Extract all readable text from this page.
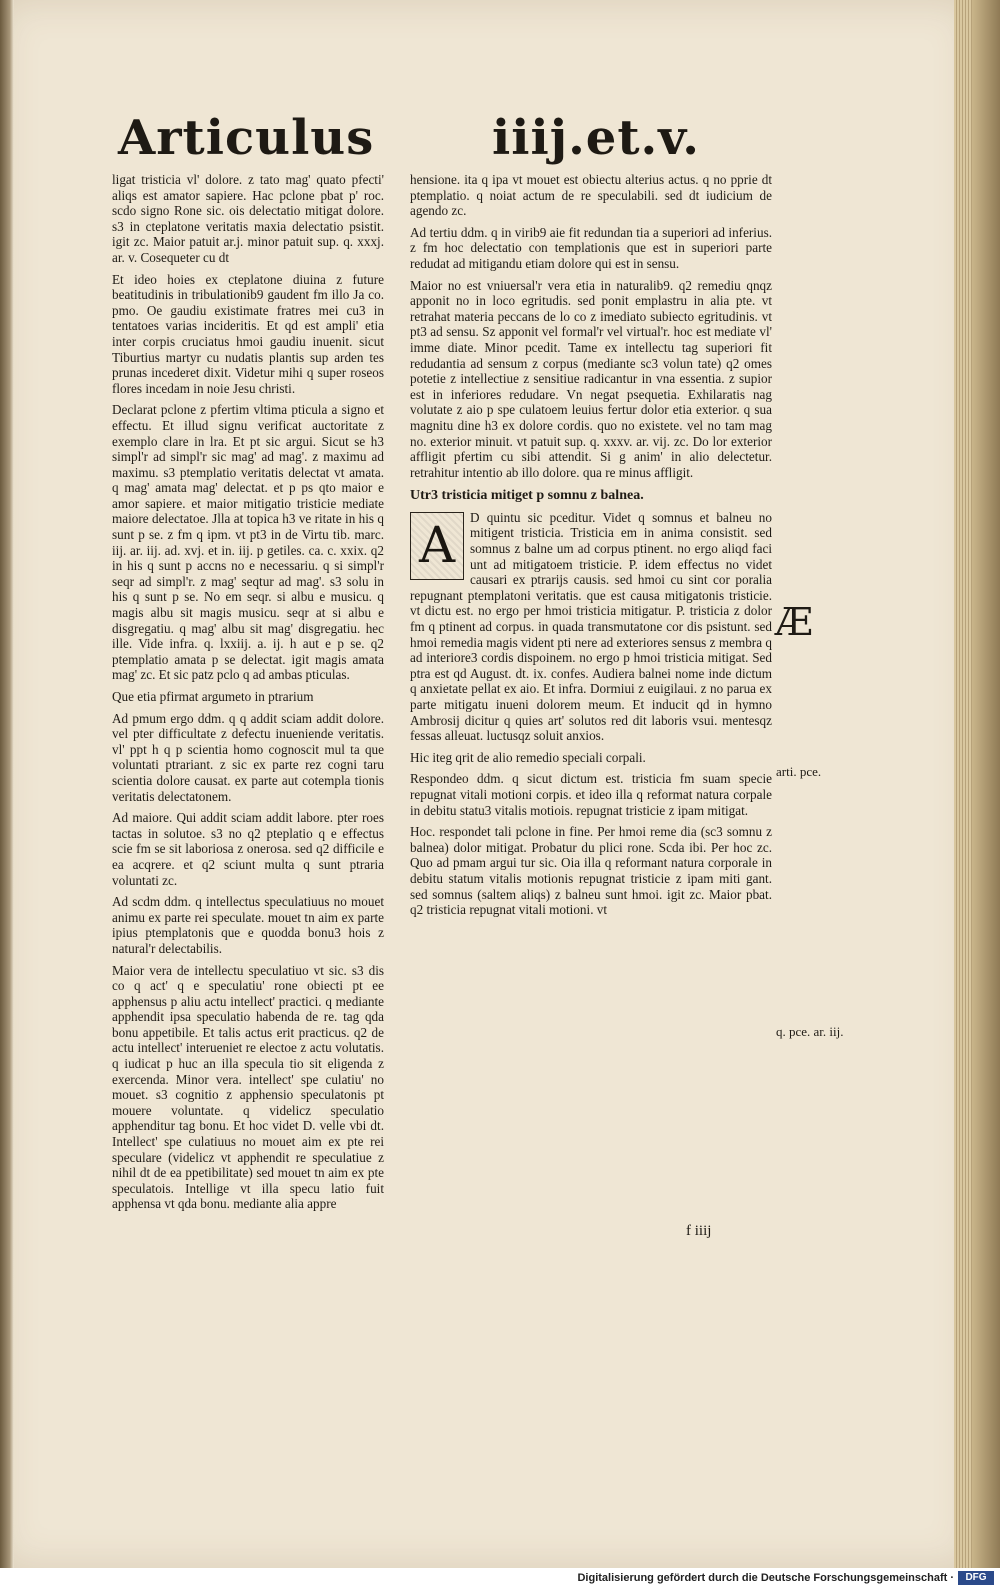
Articulus iiij.et.v.

ligat tristicia vl' dolore. z tato mag' quato pfecti' aliqs est amator sapiere. Hac pclone pbat p' roc. scdo signo Rone sic. ois delectatio mitigat dolore. s3 in cteplatone veritatis maxia delectatio psistit. igit zc. Maior patuit ar.j. minor patuit sup. q. xxxj. ar. v. Cosequeter cu dt

Et ideo hoies ex cteplatone diuina z future beatitudinis in tribulationib9 gaudent fm illo Ja co. pmo. Oe gaudiu existimate fratres mei cu3 in tentatoes varias incideritis. Et qd est ampli' etia inter corpis cruciatus hmoi gaudiu inuenit. sicut Tiburtius martyr cu nudatis plantis sup arden tes prunas incederet dixit. Videtur mihi q super roseos flores incedam in noie Jesu christi.

Declarat pclone z pfertim vltima pticula a signo et effectu. Et illud signu verificat auctoritate z exemplo clare in lra. Et pt sic argui. Sicut se h3 simpl'r ad simpl'r sic mag' ad mag'. z maximu ad maximu. s3 ptemplatio veritatis delectat vt amata. q mag' amata mag' delectat. et p ps qto maior e amor sapiere. et maior mitigatio tristicie mediate maiore delectatoe. Jlla at topica h3 ve ritate in his q sunt p se. z fm q ipm. vt pt3 in de Virtu tib. marc. iij. ar. iij. ad. xvj. et in. iij. p getiles. ca. c. xxix. q2 in his q sunt p accns no e necessariu. q si simpl'r seqr ad simpl'r. z mag' seqtur ad mag'. s3 solu in his q sunt p se. No em seqr. si albu e musicu. q magis albu sit magis musicu. seqr at si albu e disgregatiu. q mag' albu sit mag' disgregatiu. hec ille. Vide infra. q. lxxiij. a. ij. h aut e p se. q2 ptemplatio amata p se delectat. igit magis amata mag' zc. Et sic patz pclo q ad ambas pticulas.

Que etia pfirmat argumeto in ptrarium

Ad pmum ergo ddm. q q addit sciam addit dolore. vel pter difficultate z defectu inueniende veritatis. vl' ppt h q p scientia homo cognoscit mul ta que voluntati ptrariant. z sic ex parte rez cogni taru scientia dolore causat. ex parte aut cotempla tionis veritatis delectatonem.

Ad maiore. Qui addit sciam addit labore. pter roes tactas in solutoe. s3 no q2 pteplatio q e effectus scie fm se sit laboriosa z onerosa. sed q2 difficile e ea acqrere. et q2 sciunt multa q sunt ptraria voluntati zc.

Ad scdm ddm. q intellectus speculatiuus no mouet animu ex parte rei speculate. mouet tn aim ex parte ipius ptemplatonis que e quodda bonu3 hois z natural'r delectabilis.

Maior vera de intellectu speculatiuo vt sic. s3 dis co q act' q e speculatiu' rone obiecti pt ee apphensus p aliu actu intellect' practici. q mediante apphendit ipsa speculatio habenda de re. tag qda bonu appetibile. Et talis actus erit practicus. q2 de actu intellect' interueniet re electoe z actu volutatis. q iudicat p huc an illa specula tio sit eligenda z exercenda. Minor vera. intellect' spe culatiu' no mouet. s3 cognitio z apphensio speculatonis pt mouere voluntate. q videlicz speculatio apphenditur tag bonu. Et hoc videt D. velle vbi dt. Intellect' spe culatiuus no mouet aim ex pte rei speculare (videlicz vt apphendit re speculatiue z nihil dt de ea ppetibilitate) sed mouet tn aim ex pte speculatois. Intellige vt illa specu latio fuit apphensa vt qda bonu. mediante alia appre

hensione. ita q ipa vt mouet est obiectu alterius actus. q no pprie dt ptemplatio. q noiat actum de re speculabili. sed dt iudicium de agendo zc.

Ad tertiu ddm. q in virib9 aie fit redundan tia a superiori ad inferius. z fm hoc delectatio con templationis que est in superiori parte redudat ad mitigandu etiam dolore qui est in sensu.

Maior no est vniuersal'r vera etia in naturalib9. q2 remediu qnqz apponit no in loco egritudis. sed ponit emplastru in alia pte. vt retrahat materia peccans de lo co z imediato subiecto egritudinis. vt pt3 ad sensu. Sz apponit vel formal'r vel virtual'r. hoc est mediate vl' imme diate. Minor pcedit. Tame ex intellectu tag superiori fit redudantia ad sensum z corpus (mediante sc3 volun tate) q2 omes potetie z intellectiue z sensitiue radicantur in vna essentia. z supior est in inferiores redudare. Vn negat psequetia. Exhilaratis nag volutate z aio p spe culatoem leuius fertur dolor etia exterior. q sua magnitu dine h3 ex dolore cordis. quo no existete. vel no tam mag no. exterior minuit. vt patuit sup. q. xxxv. ar. vij. zc. Do lor exterior affligit pfertim cu sibi attendit. Si g anim' in alio delectetur. retrahitur intentio ab illo dolore. qua re minus affligit.

Utr3 tristicia mitiget p somnu z balnea.

A	D quintu sic pceditur. Videt q somnus et balneu no mitigent tristicia. Tristicia em in anima consistit. sed somnus z balne um ad corpus ptinent. no ergo aliqd faci unt ad mitigatoem tristicie. P. idem effectus no videt causari ex ptrarijs causis. sed hmoi cu sint cor poralia repugnant ptemplatoni veritatis. que est causa mitigatonis tristicie. vt dictu est. no ergo per hmoi tristicia mitigatur. P. tristicia z dolor fm q ptinent ad corpus. in quada transmutatone cor dis psistunt. sed hmoi remedia magis vident pti nere ad exteriores sensus z membra q ad interiore3 cordis dispoinem. no ergo p hmoi tristicia mitigat. Sed ptra est qd August. dt. ix. confes. Audiera balnei nome inde dictum q anxietate pellat ex aio. Et infra. Dormiui z euigilaui. z no parua ex parte mitigatu inueni dolorem meum. Et inducit qd in hymno Ambrosij dicitur q quies art' solutos red dit laboris vsui. mentesqz fessas alleuat. luctusqz soluit anxios.

Hic iteg qrit de alio remedio speciali corpali.

Respondeo ddm. q sicut dictum est. tristicia fm suam specie repugnat vitali motioni corpis. et ideo illa q reformat natura corpale in debitu statu3 vitalis motiois. repugnat tristicie z ipam mitigat.

Hoc. respondet tali pclone in fine. Per hmoi reme dia (sc3 somnu z balnea) dolor mitigat. Probatur du plici rone. Scda ibi. Per hoc zc. Quo ad pmam argui tur sic. Oia illa q reformant natura corporale in debitu statum vitalis motionis repugnat tristicie z ipam miti gant. sed somnus (saltem aliqs) z balneu sunt hmoi. igit zc. Maior pbat. q2 tristicia repugnat vitali motioni. vt

Æ
arti. pce.
q. pce. ar. iij.
f iiij
Digitalisierung gefördert durch die Deutsche Forschungsgemeinschaft ·	DFG
